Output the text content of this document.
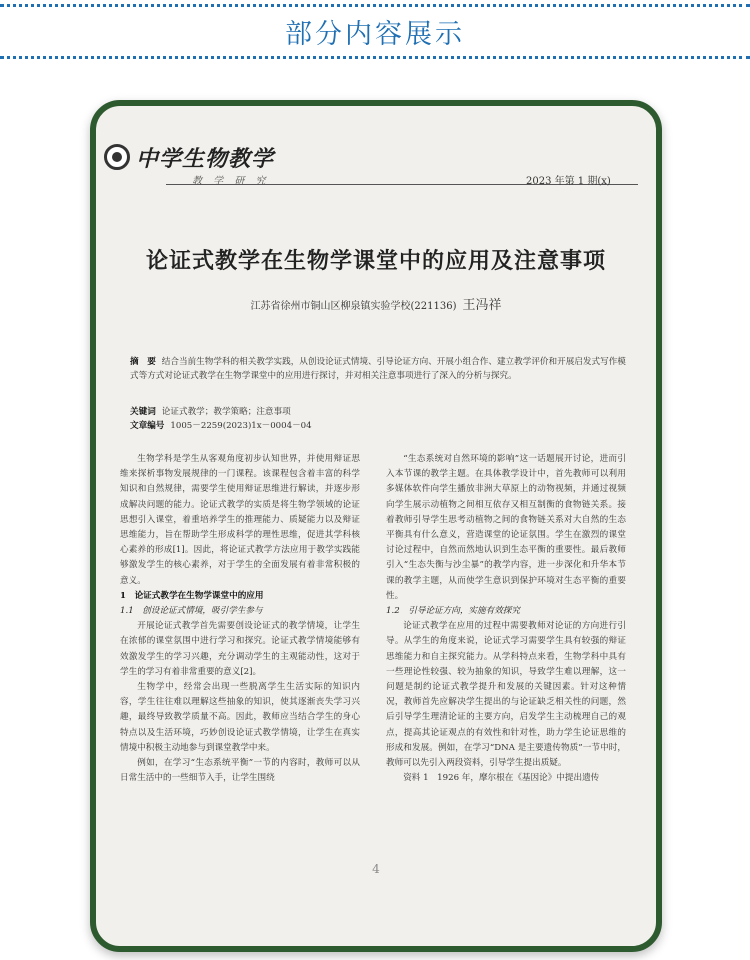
部分内容展示
中学生物教学
教 学 研 究	2023 年第 1 期(x)
论证式教学在生物学课堂中的应用及注意事项
江苏省徐州市铜山区柳泉镇实验学校(221136) 王冯祥
摘　要 结合当前生物学科的相关教学实践，从创设论证式情境、引导论证方向、开展小组合作、建立教学评价和开展启发式写作模式等方式对论证式教学在生物学课堂中的应用进行探讨，并对相关注意事项进行了深入的分析与探究。
关键词 论证式教学；教学策略；注意事项
文章编号 1005－2259(2023)1x－0004－04

生物学科是学生从客观角度初步认知世界，并使用辩证思维来探析事物发展规律的一门课程。该课程包含着丰富的科学知识和自然规律，需要学生使用辩证思维进行解读，并逐步形成解决问题的能力。论证式教学的实质是将生物学领域的论证思想引入课堂，着重培养学生的推理能力、质疑能力以及辩证思维能力，旨在帮助学生形成科学的理性思维，促进其学科核心素养的形成[1]。因此，将论证式教学方法应用于教学实践能够激发学生的核心素养，对于学生的全面发展有着非常积极的意义。

1　论证式教学在生物学课堂中的应用
1.1　创设论证式情境，吸引学生参与

开展论证式教学首先需要创设论证式的教学情境，让学生在浓郁的课堂氛围中进行学习和探究。论证式教学情境能够有效激发学生的学习兴趣，充分调动学生的主观能动性，这对于学生的学习有着非常重要的意义[2]。

生物学中，经常会出现一些脱离学生生活实际的知识内容，学生往往难以理解这些抽象的知识，使其逐渐丧失学习兴趣，最终导致教学质量不高。因此，教师应当结合学生的身心特点以及生活环境，巧妙创设论证式教学情境，让学生在真实情境中积极主动地参与到课堂教学中来。

例如，在学习“生态系统平衡”一节的内容时，教师可以从日常生活中的一些细节入手，让学生围绕

“生态系统对自然环境的影响”这一话题展开讨论，进而引入本节课的教学主题。在具体教学设计中，首先教师可以利用多媒体软件向学生播放非洲大草原上的动物视频，并通过视频向学生展示动植物之间相互依存又相互制衡的食物链关系。接着教师引导学生思考动植物之间的食物链关系对大自然的生态平衡具有什么意义，营造课堂的论证氛围。学生在激烈的课堂讨论过程中，自然而然地认识到生态平衡的重要性。最后教师引入“生态失衡与沙尘暴”的教学内容，进一步深化和升华本节课的教学主题，从而使学生意识到保护环境对生态平衡的重要性。

1.2　引导论证方向，实施有效探究

论证式教学在应用的过程中需要教师对论证的方向进行引导。从学生的角度来说，论证式学习需要学生具有较强的辩证思维能力和自主探究能力。从学科特点来看，生物学科中具有一些理论性较强、较为抽象的知识，导致学生难以理解，这一问题是制约论证式教学提升和发展的关键因素。针对这种情况，教师首先应解决学生提出的与论证缺乏相关性的问题，然后引导学生理清论证的主要方向，启发学生主动梳理自己的观点，提高其论证观点的有效性和针对性，助力学生论证思维的形成和发展。例如，在学习“DNA 是主要遗传物质”一节中时，教师可以先引入两段资料，引导学生提出质疑。

资料 1　1926 年，摩尔根在《基因论》中提出遗传

4
